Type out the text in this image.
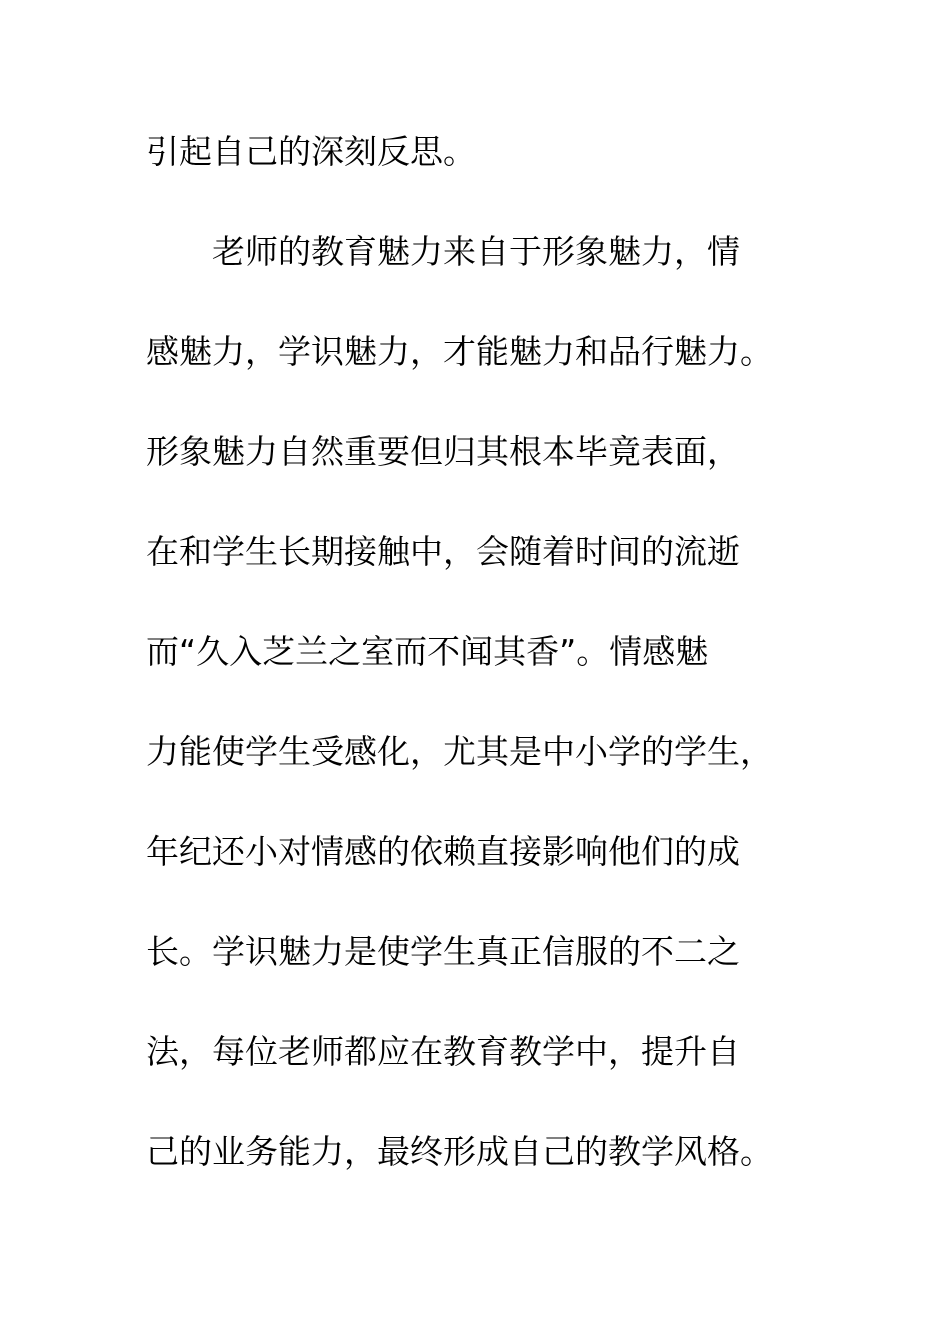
引起自己的深刻反思。
　　老师的教育魅力来自于形象魅力，情
感魅力，学识魅力，才能魅力和品行魅力。
形象魅力自然重要但归其根本毕竟表面，
在和学生长期接触中，会随着时间的流逝
而“久入芝兰之室而不闻其香”。情感魅
力能使学生受感化，尤其是中小学的学生，
年纪还小对情感的依赖直接影响他们的成
长。学识魅力是使学生真正信服的不二之
法，每位老师都应在教育教学中，提升自
己的业务能力，最终形成自己的教学风格。
